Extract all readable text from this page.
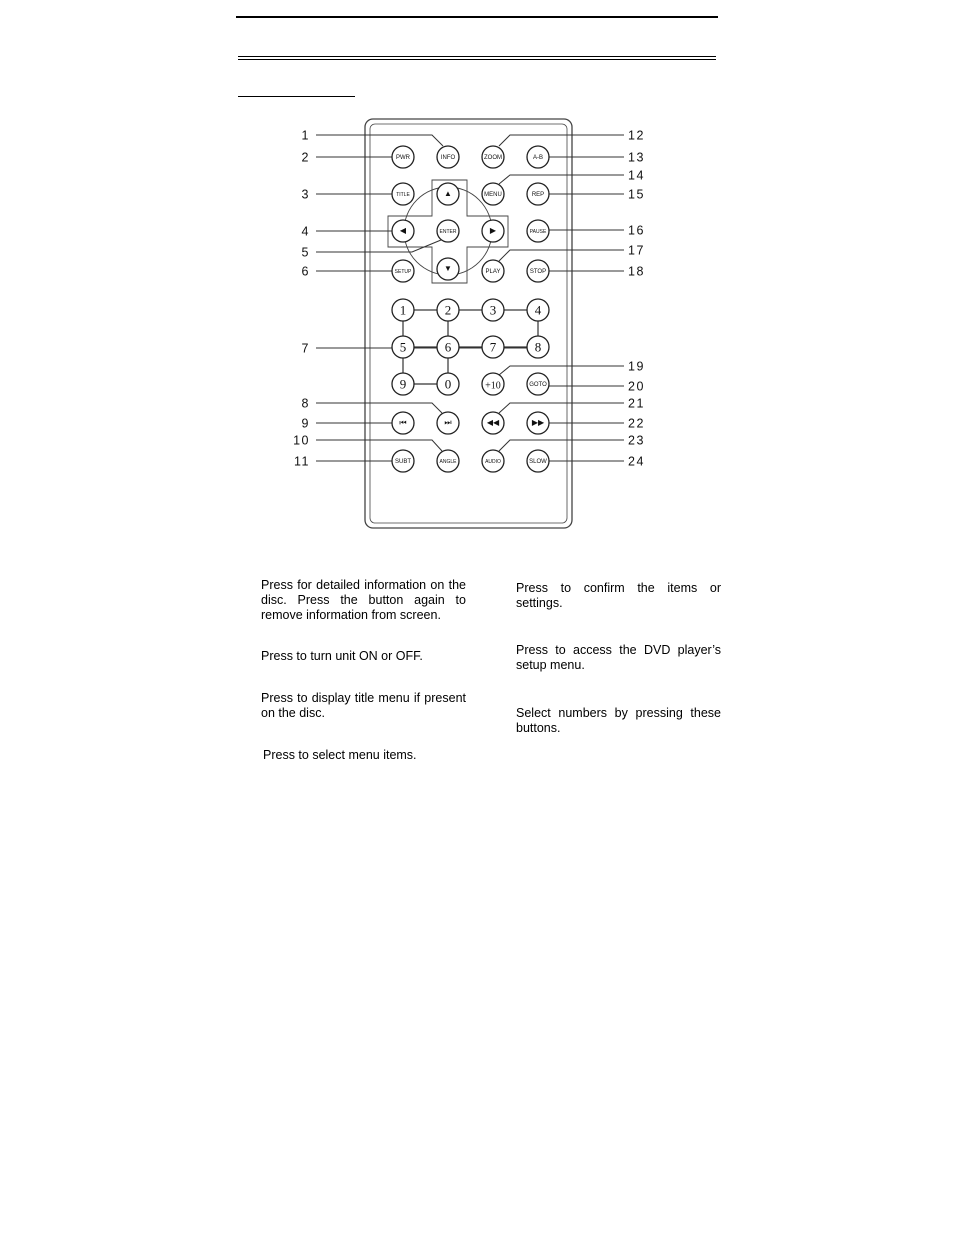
INFO	ZOOM
PWR	A-B
TITLE	▲	MENU	REP
◀	ENTER	▶	PAUSE
SETUP	▼	PLAY	STOP
1	2	3	4
5	6	7	8
9	0	+10	GOTO
⏮	⏭	◀◀	▶▶
SUBT	ANGLE	AUDIO	SLOW
1
2
3
4
5
6
7
8
9
10
11
12
13
14
15
16
17
18
19
20
21
22
23
24

Press for detailed information on the disc. Press the button again to remove information from screen.

Press to turn unit ON or OFF.

Press to display title menu if present on the disc.

Press to select menu items.

Press to confirm the items or settings.

Press to access the DVD player’s setup menu.

Select numbers by pressing these buttons.
